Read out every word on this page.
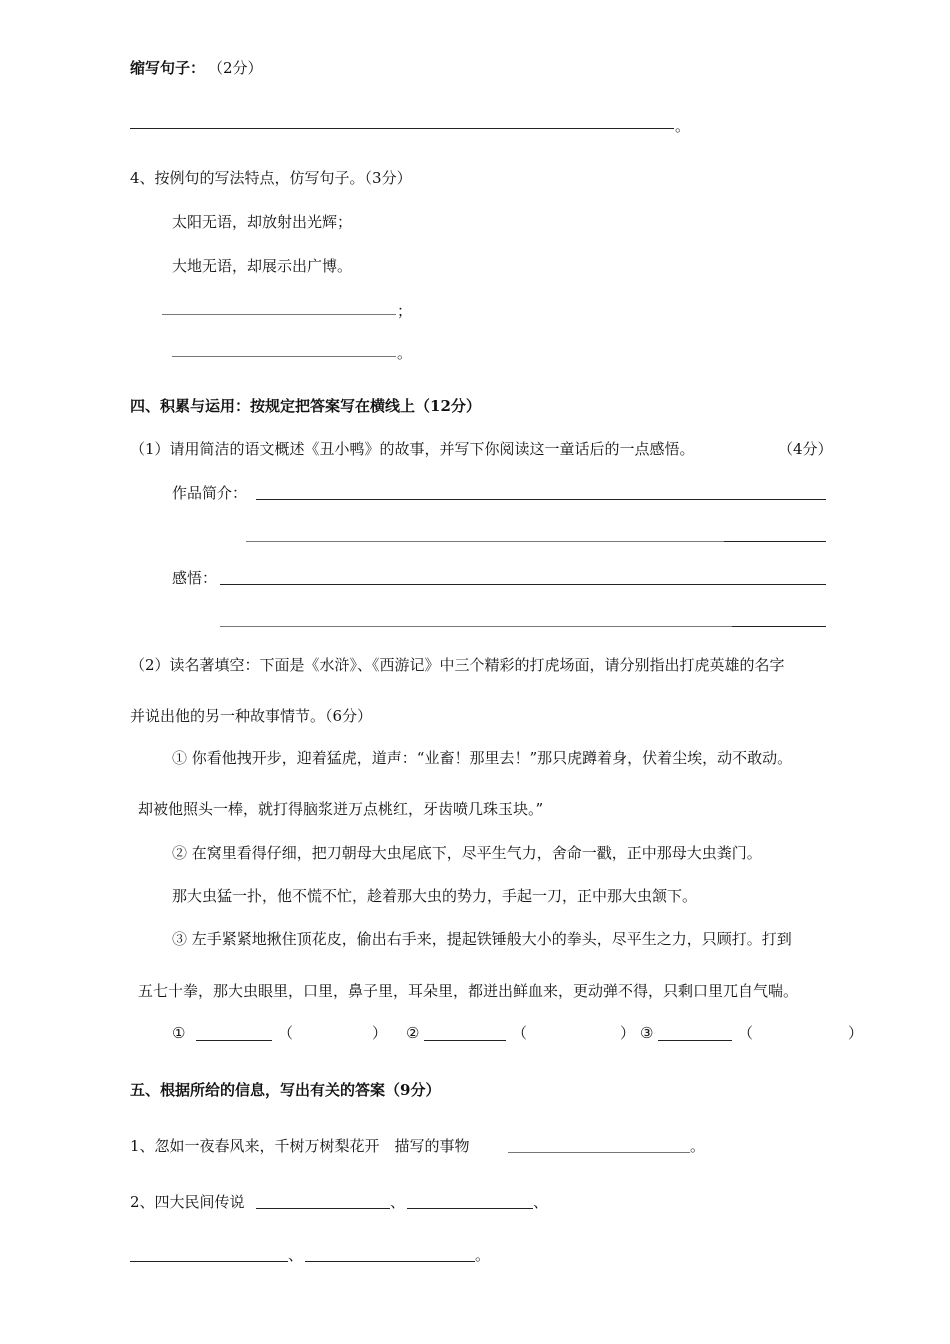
缩写句子： （2分）
。
4、按例句的写法特点，仿写句子。（3分）
太阳无语，却放射出光辉；
大地无语，却展示出广博。
；
。
四、积累与运用：按规定把答案写在横线上（12分）
（1）请用简洁的语文概述《丑小鸭》的故事，并写下你阅读这一童话后的一点感悟。	（4分）
作品简介：
感悟：
（2）读名著填空：下面是《水浒》、《西游记》中三个精彩的打虎场面，请分别指出打虎英雄的名字
并说出他的另一种故事情节。（6分）
① 你看他拽开步，迎着猛虎，道声：“业畜！那里去！”那只虎蹲着身，伏着尘埃，动不敢动。
却被他照头一棒，就打得脑浆迸万点桃红，牙齿喷几珠玉块。”
② 在窝里看得仔细，把刀朝母大虫尾底下，尽平生气力，舍命一戳，正中那母大虫粪门。
那大虫猛一扑，他不慌不忙，趁着那大虫的势力，手起一刀，正中那大虫颔下。
③ 左手紧紧地揪住顶花皮，偷出右手来，提起铁锤般大小的拳头，尽平生之力，只顾打。打到
五七十拳，那大虫眼里，口里，鼻子里，耳朵里，都迸出鲜血来，更动弹不得，只剩口里兀自气喘。
①	（	） ②	（	） ③	（	）
五、根据所给的信息，写出有关的答案（9分）
1、忽如一夜春风来，千树万树梨花开　描写的事物	。
2、四大民间传说	、	、
、	。
